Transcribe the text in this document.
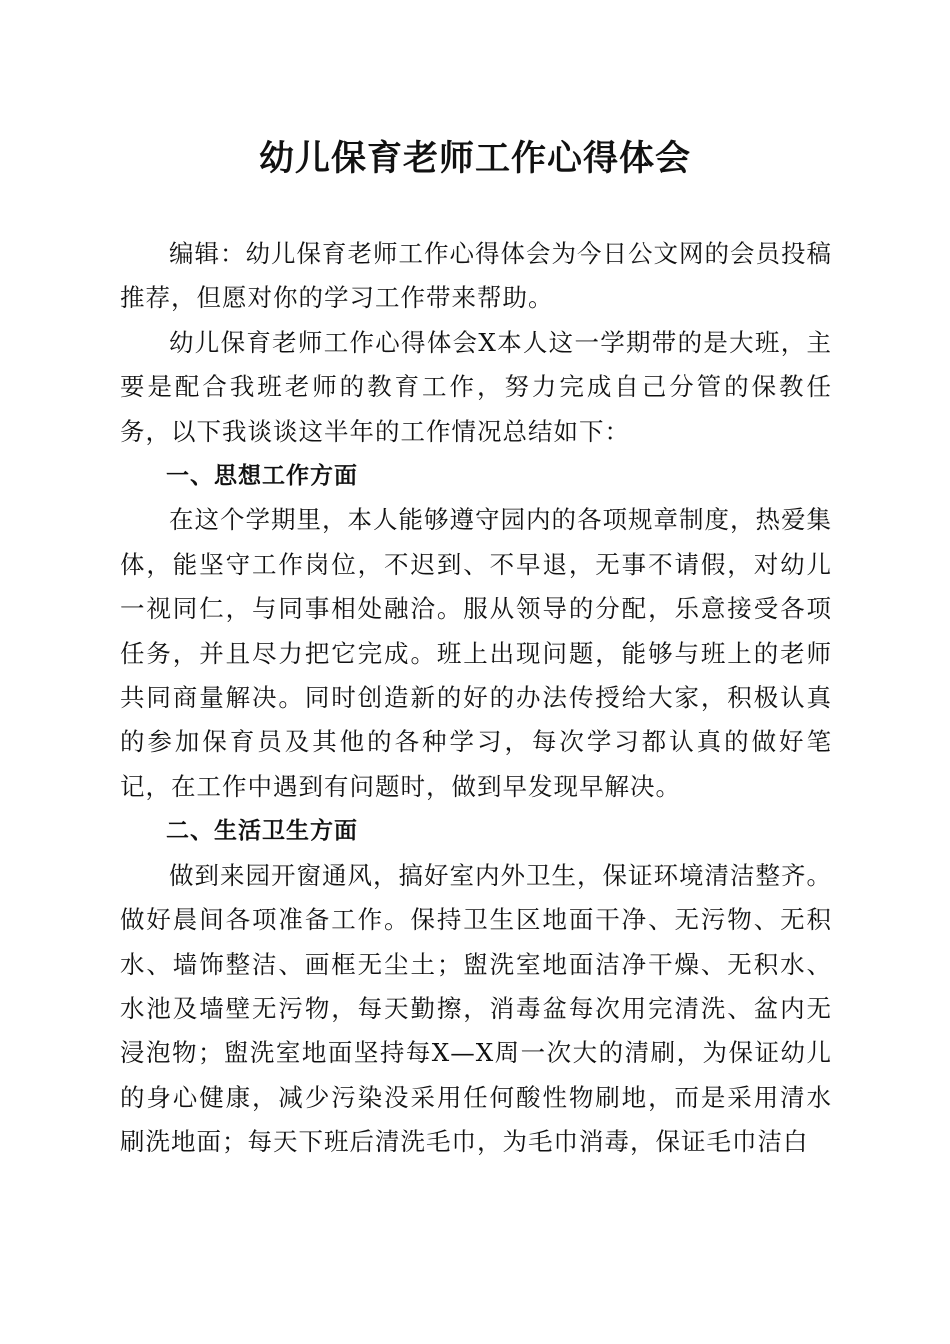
幼儿保育老师工作心得体会

编辑：幼儿保育老师工作心得体会为今日公文网的会员投稿推荐，但愿对你的学习工作带来帮助。

幼儿保育老师工作心得体会X本人这一学期带的是大班，主要是配合我班老师的教育工作，努力完成自己分管的保教任务，以下我谈谈这半年的工作情况总结如下：

一、思想工作方面

在这个学期里，本人能够遵守园内的各项规章制度，热爱集体，能坚守工作岗位，不迟到、不早退，无事不请假，对幼儿一视同仁，与同事相处融洽。服从领导的分配，乐意接受各项任务，并且尽力把它完成。班上出现问题，能够与班上的老师共同商量解决。同时创造新的好的办法传授给大家，积极认真的参加保育员及其他的各种学习，每次学习都认真的做好笔记，在工作中遇到有问题时，做到早发现早解决。

二、生活卫生方面

做到来园开窗通风，搞好室内外卫生，保证环境清洁整齐。做好晨间各项准备工作。保持卫生区地面干净、无污物、无积水、墙饰整洁、画框无尘土；盥洗室地面洁净干燥、无积水、水池及墙壁无污物，每天勤擦，消毒盆每次用完清洗、盆内无浸泡物；盥洗室地面坚持每X—X周一次大的清刷，为保证幼儿的身心健康，减少污染没采用任何酸性物刷地，而是采用清水刷洗地面；每天下班后清洗毛巾，为毛巾消毒，保证毛巾洁白
